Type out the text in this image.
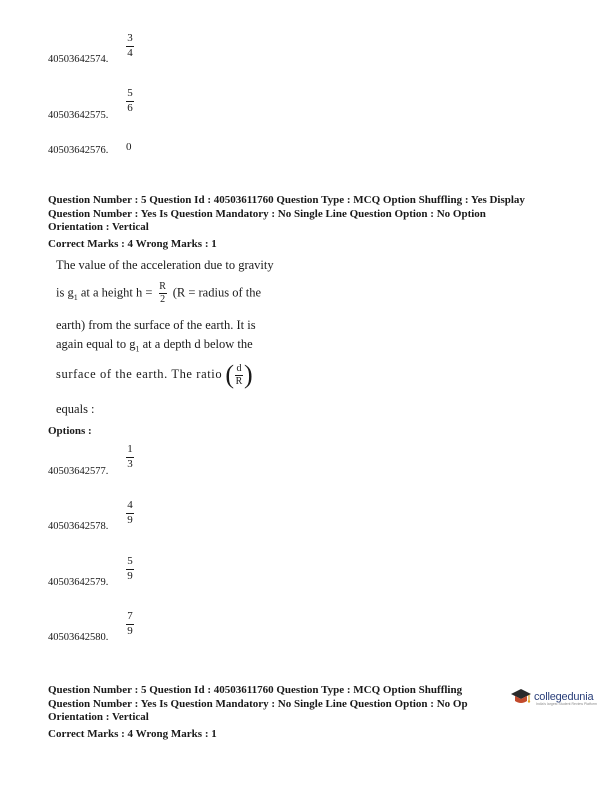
40503642574.
3
4
40503642575.
5
6
40503642576. 0
Question Number : 5 Question Id : 40503611760 Question Type : MCQ Option Shuffling : Yes Display
Question Number : Yes Is Question Mandatory : No Single Line Question Option : No Option
Orientation : Vertical
Correct Marks : 4 Wrong Marks : 1
The value of the acceleration due to gravity
is $g_1$ at a height $h = \frac{R}{2} (R$ = radius of the
earth) from the surface of the earth. It is
again equal to $g_1$ at a depth d below the
surface of the earth. The ratio ( $\frac{d}{R}$ )
equals :
Options :
40503642577.
1
3
40503642578.
4
9
40503642579.
5
9
40503642580.
7
9
Question Number : 5 Question Id : 40503611760 Question Type : MCQ Option Shuffling
Question Number : Yes Is Question Mandatory : No Single Line Question Option : No Op
Orientation : Vertical
Correct Marks : 4 Wrong Marks : 1
collegedunia
India's largest Student Review Platform
